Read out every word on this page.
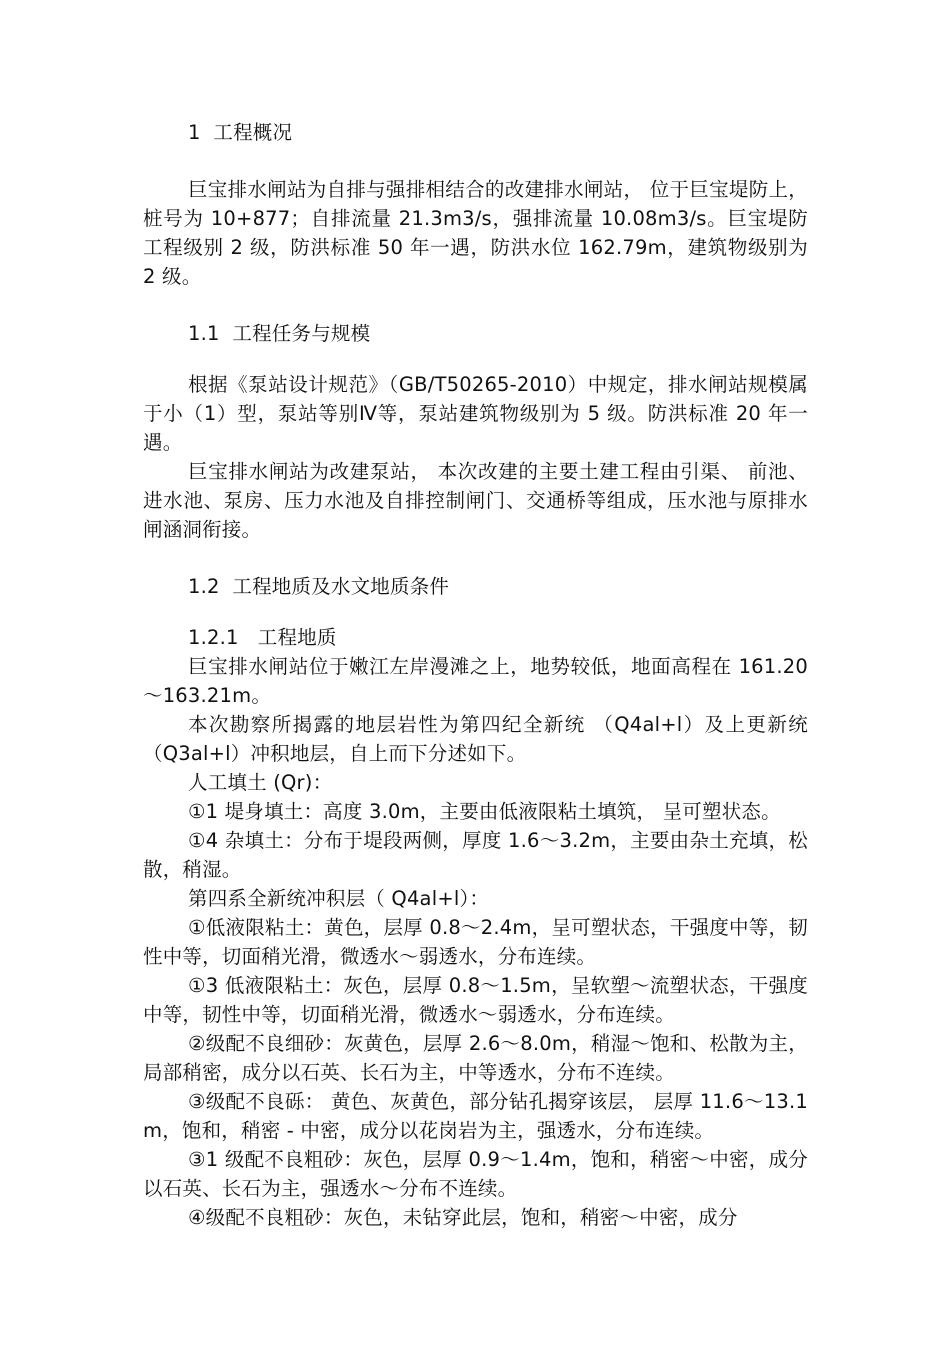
1  工程概况

巨宝排水闸站为自排与强排相结合的改建排水闸站， 位于巨宝堤防上，桩号为 10+877；自排流量 21.3m3/s，强排流量 10.08m3/s。巨宝堤防工程级别 2 级，防洪标准 50 年一遇，防洪水位 162.79m，建筑物级别为 2 级。

1.1  工程任务与规模

根据《泵站设计规范》（GB/T50265-2010）中规定，排水闸站规模属于小（1）型，泵站等别Ⅳ等，泵站建筑物级别为 5 级。防洪标准 20 年一遇。

巨宝排水闸站为改建泵站， 本次改建的主要土建工程由引渠、 前池、进水池、泵房、压力水池及自排控制闸门、交通桥等组成，压水池与原排水闸涵洞衔接。

1.2  工程地质及水文地质条件

1.2.1   工程地质

巨宝排水闸站位于嫩江左岸漫滩之上，地势较低，地面高程在 161.20～163.21m。

本次勘察所揭露的地层岩性为第四纪全新统 （Q4al+l）及上更新统（Q3al+l）冲积地层，自上而下分述如下。

人工填土 (Qr)：

①1 堤身填土：高度 3.0m，主要由低液限粘土填筑， 呈可塑状态。

①4 杂填土：分布于堤段两侧，厚度 1.6～3.2m，主要由杂土充填，松散，稍湿。

第四系全新统冲积层（ Q4al+l）：

①低液限粘土：黄色，层厚 0.8～2.4m，呈可塑状态，干强度中等，韧性中等，切面稍光滑，微透水～弱透水，分布连续。

①3 低液限粘土：灰色，层厚 0.8～1.5m，呈软塑～流塑状态，干强度中等，韧性中等，切面稍光滑，微透水～弱透水，分布连续。

②级配不良细砂：灰黄色，层厚 2.6～8.0m，稍湿～饱和、松散为主，局部稍密，成分以石英、长石为主，中等透水，分布不连续。

③级配不良砾： 黄色、灰黄色，部分钻孔揭穿该层， 层厚 11.6～13.1m，饱和，稍密 - 中密，成分以花岗岩为主，强透水，分布连续。

③1 级配不良粗砂：灰色，层厚 0.9～1.4m，饱和，稍密～中密，成分以石英、长石为主，强透水～分布不连续。

④级配不良粗砂：灰色，未钻穿此层，饱和，稍密～中密，成分
